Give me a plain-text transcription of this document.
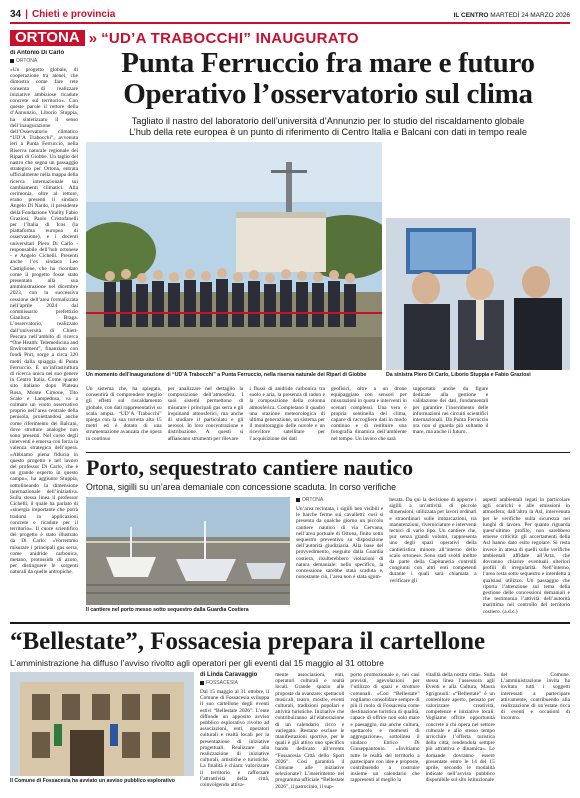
34 | Chieti e provincia	IL CENTRO MARTEDÌ 24 MARZO 2026
ORTONA » “UD’A TRABOCCHI” INAUGURATO
di Antonio Di Carlo
ORTONA
«Un progetto globale, di cooperazione tra atenei, che dimostra come fare rete consenta di realizzare iniziative ambiziose ricadute concrete sul territorio». Con queste parole il rettore della d’Annunzio, Liborio Stuppia, ha sintetizzato il senso dell’inaugurazione dell’Osservatorio climatico “UD’A Trabocchi”, avvenuta ieri a Punta Ferruccio, nella Riserva naturale regionale dei Ripari di Giobbe. Un taglio del nastro che segna un passaggio strategico per Ortona, entrata ufficialmente nella mappa della ricerca internazionale sui cambiamenti climatici. Alla cerimonia, oltre al rettore, erano presenti il sindaco Angelo Di Nardo, il presidente della Fondazione Vitality Fabio Graziosi, Paolo Cristofanelli per l’Italia di Icos (la piattaforma europea di osservazione), e i docenti universitari Piero Di Carlo - responsabile dell’hub ortonese - e Angelo Cichelli. Presenti anche l’ex sindaco Leo Castiglione, che ha ricordato come il progetto fosse stato presentato alla sua amministrazione nel dicembre 2023, con la successiva cessione dell’area formalizzata nell’aprile 2024 dal commissario prefettizio Gianluca Braga. L’osservatorio, realizzato dall’università di Chieti-Pescara nell’ambito di ricerca “One Health: Telemedicina and Environment”, finanziato con fondi Pnrr, sorge a circa 320 metri dalla spiaggia di Punta Ferruccio. È un’infrastruttura di ricerca unica nel suo genere in Centro Italia. Come quanto sito italiano dopo Plateau Rosa, Monte Cimone, Tito Scalo e Lampedusa, va a colmare un vuoto osservativo proprio nell’area centrale della penisola, proiettandosi anche come riferimento dei Balcani, dove strutture analoghe non sono presenti. Nel corso degli interventi è emersa con forza la valenza strategica dell’opera. «Abbiamo piena fiducia in questo progetto e nel lavoro del professor Di Carlo, che è un grande esperto in questo campo», ha aggiunto Stuppia, sottolineando la dimensione internazionale dell’iniziativa. Sulla stessa linea il professor Cichelli, il quale ha parlato di «sinergia importante che potrà tradursi in applicazioni concrete e ricadute per il territorio». Il cuore scientifico del progetto è stato illustrato da Di Carlo: «Vorremmo misurare i principali gas serra, come anidride carbonica, metano, protossido di azoto, per distinguere le sorgenti naturali da quelle antropiche.
Punta Ferruccio fra mare e futuro
Operativo l’osservatorio sul clima
Tagliato il nastro del laboratorio dell’università d’Annunzio per lo studio del riscaldamento globale
L’hub della rete europea è un punto di riferimento di Centro Italia e Balcani con dati in tempo reale
Un momento dell’inaugurazione di “UD’A Trabocchi” a Punta Ferruccio, nella riserva naturale dei Ripari di Giobbe	Da sinistra Piero Di Carlo, Liborio Stuppia e Fabio Graziosi
Un sistema che, ha spiegato, consentirà di comprendere meglio gli effetti sul riscaldamento globale, con dati rappresentativi su scala ampia. “UD’A Trabocchi” spiega con la sua torretta alta 15 metri ed è dotato di una strumentazione avanzata che opera in continuo
per analizzare nel dettaglio la composizione dell’atmosfera. I suoi sistemi permettono di misurare i principali gas serra e gli inquinanti atmosferici, ma anche di studiare il particolato e gli aerosol. In loro concentrazione e distribuzione. A questi si affiancano strumenti per rilevare
i flussi di anidride carbonica tra suolo e aria, la presenza di radon e la composizione della colonna atmosferica. Completano il quadro una stazione meteorologica di ultima generazione, un sistema per il monitoraggio delle nuvole e un ricevitore satellitare per l’acquisizione dei dati
geofisici, oltre a un drone equipaggiato con sensori per misurazioni in quota e interventi in scenari complessi. Una vera e propria sentinella del clima, capace di raccogliere dati in modo continuo e di restituire una fotografia dinamica dell’ambiente nel tempo. Un lavoro che sarà
supportato anche da figure dedicate alla gestione e validazione dei dati, fondamentali per garantire l’inserimento delle informazioni nei circuiti scientifici internazionali. Da Punta Ferruccio ora non si guarda più soltanto il mare, ma anche il futuro.
Porto, sequestrato cantiere nautico
Ortona, sigilli su un’area demaniale con concessione scaduta. In corso verifiche
Il cantiere nel porto messo sotto sequestro dalla Guardia Costiera
ORTONA
Un’area recintata, i sigilli ben visibili e le barche ferme sui cavalletti: così si presenta da qualche giorno un piccolo cantiere nautico di via Cervana, nell’area portuale di Ortona, finito sotto sequestro preventivo su disposizione dell’autorità giudiziaria. Alla base del provvedimento, eseguito dalla Guardia costiera, risulterebbero violazioni di natura demaniale: nello specifico, la concessione sarebbe stata scaduta e, nonostante ciò, l’area non è stata sgom-
berata. Da qui la decisione di apporre i sigilli a un’attività di piccole dimensioni, utilizzata per lavori ordinari e straordinari sulle imbarcazioni, tra manutenzioni, riverniciature e interventi tecnici di vario tipo. Un cantiere che, pur senza grandi volumi, rappresenta uno degli spazi operativi della cantieristica minore all’interno dello scalo ortonese. Sono stati svolti inoltre da parte della Capitaneria controlli congiunti con altri enti competenti durante i quali sarà chiamata a verificare gli
aspetti ambientali legati in particolare agli scarichi e alle emissioni in atmosfera; dall’altro la Asl, intervenuta per le verifiche sulla sicurezza nei luoghi di lavoro. Per quanto riguarda quest’ultimo profilo, non sarebbero emerse criticità: gli accertamenti della Asl hanno dato esito regolare. Si resta invece in attesa di quelli sulle verifiche ambientali affidate all’Arta, che dovranno chiarire eventuali ulteriori profili di irregolarità. Nell’interno, l’area resta sotto sequestro e interdetta a qualsiasi utilizzo. Un passaggio che riporta l’attenzione sul tema della gestione delle concessioni demaniali e che testimonia l’attività dell’autorità marittima nel controllo del territorio costiero. (a.d.c.)
“Bellestate”, Fossacesia prepara il cartellone
L’amministrazione ha diffuso l’avviso rivolto agli operatori per gli eventi dal 15 maggio al 31 ottobre
Il Comune di Fossacesia ha avviato un avviso pubblico esplorativo
di Linda Caravaggio
FOSSACESIA
Dal 15 maggio al 31 ottobre, il Comune di Fossacesia sviluppa il suo cartellone degli eventi estivi “Bellestate 2026”. L’ente diffonde un apposito avviso pubblico esplorativo rivolto ad associazioni, enti, operatori culturali e realtà locali per la presentazione di iniziative progettuali. Realizzare alla realizzazione di iniziative culturali, artistiche e turistiche. La finalità è chiara: valorizzare il territorio e rafforzare l’attrattività della città, coinvolgendo attiva-
mente associazioni, enti, operatori culturali e realtà locali. Grande spazio alle proposte da avanzare: spettacoli musicali, teatro, mostre, eventi culturali, tradizioni popolari e attività turistiche. Iniziative che contribuiranno all’elaborazione di un calendario ricco e variegato. Restano escluse le manifestazioni sportive, per le quali è già attivo uno specifico bando dedicato all’evento “Fossacesia Città dello Sport 2026”. Così garantirà il Comune alle iniziative selezionate? L’inserimento nel programma ufficiale “Bellestate 2026”, il patrocinio, il sup-
porto promozionale e, nei casi previsti, agevolazioni per l’utilizzo di spazi e strutture comunali. «Con “Bellestate” vogliamo consolidare sempre di più il ruolo di Fossacesia come destinazione turistica di qualità, capace di offrire non solo mare e paesaggio, ma anche cultura, spettacolo e momenti di aggregazione», sottolinea il sindaco Enrico Di Giuseppantonio. «Invitiamo tutte le realtà del territorio a partecipare con idee e proposte, contribuendo a costruire insieme un calendario che rappresenti al meglio la
vitalità della nostra città». Sulla stessa linea l’assessora agli Eventi e alla Cultura, Maura Sgrignuoli: «“Bellestate” è un contenitore aperto, pensato per valorizzare creatività, competenze e iniziative locali. Vogliamo offrire opportunità concrete a chi opera nel settore culturale e allo stesso tempo arricchire l’offerta turistica della città, rendendola sempre più attrattiva e dinamica». Le domande dovranno essere presentate entro le 14 del 15 aprile, secondo le modalità indicate nell’avviso pubblico disponibile sul sito istituzionale
del Comune. L’amministrazione invita ha invitato tutti i soggetti interessati a partecipare attivamente, contribuendo alla realizzazione di un’estate ricca di eventi e occasioni di incontro.
